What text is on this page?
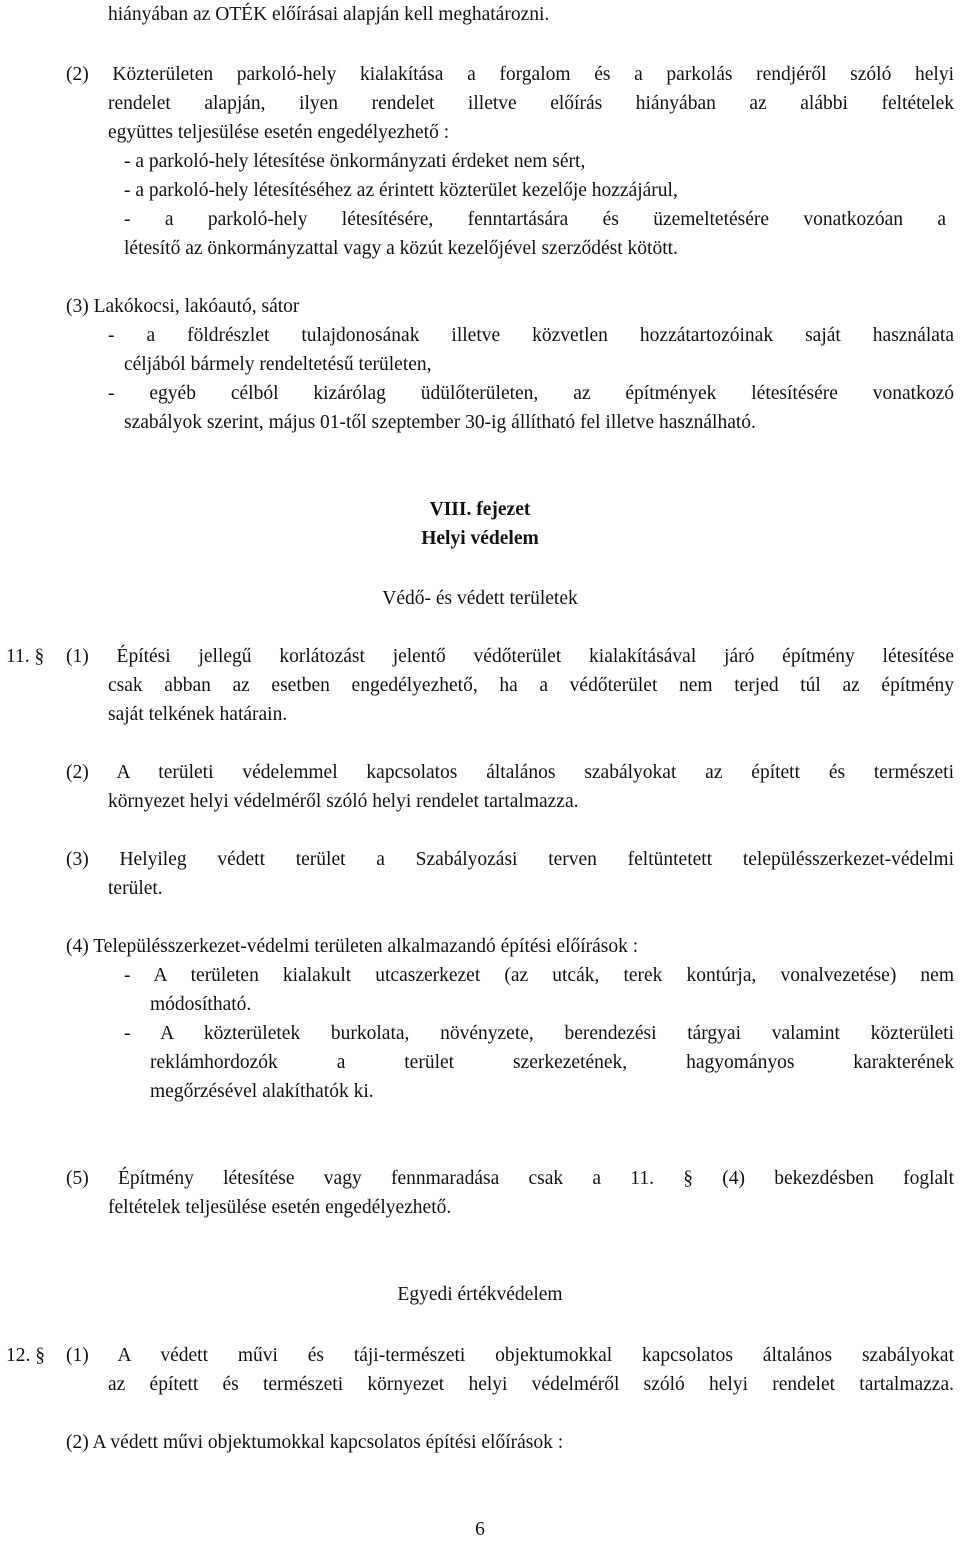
hiányában az OTÉK előírásai alapján kell meghatározni.
(2) Közterületen parkoló-hely kialakítása a forgalom és a parkolás rendjéről szóló helyi
rendelet alapján, ilyen rendelet illetve előírás hiányában az alábbi feltételek
együttes teljesülése esetén engedélyezhető :
- a parkoló-hely létesítése önkormányzati érdeket nem sért,
- a parkoló-hely létesítéséhez az érintett közterület kezelője hozzájárul,
- a parkoló-hely létesítésére, fenntartására és üzemeltetésére vonatkozóan a
létesítő az önkormányzattal vagy a közút kezelőjével szerződést kötött.
(3) Lakókocsi, lakóautó, sátor
- a földrészlet tulajdonosának illetve közvetlen hozzátartozóinak saját használata
céljából bármely rendeltetésű területen,
- egyéb célból kizárólag üdülőterületen, az építmények létesítésére vonatkozó
szabályok szerint, május 01-től szeptember 30-ig állítható fel illetve használható.
VIII. fejezet
Helyi védelem
Védő- és védett területek
11. § (1) Építési jellegű korlátozást jelentő védőterület kialakításával járó építmény létesítése
csak abban az esetben engedélyezhető, ha a védőterület nem terjed túl az építmény
saját telkének határain.
(2) A területi védelemmel kapcsolatos általános szabályokat az épített és természeti
környezet helyi védelméről szóló helyi rendelet tartalmazza.
(3) Helyileg védett terület a Szabályozási terven feltüntetett településszerkezet-védelmi
terület.
(4) Településszerkezet-védelmi területen alkalmazandó építési előírások :
- A területen kialakult utcaszerkezet (az utcák, terek kontúrja, vonalvezetése) nem
módosítható.
- A közterületek burkolata, növényzete, berendezési tárgyai valamint közterületi
reklámhordozók a terület szerkezetének, hagyományos karakterének
megőrzésével alakíthatók ki.
(5) Építmény létesítése vagy fennmaradása csak a 11. § (4) bekezdésben foglalt
feltételek teljesülése esetén engedélyezhető.
Egyedi értékvédelem
12. § (1) A védett művi és táji-természeti objektumokkal kapcsolatos általános szabályokat
az épített és természeti környezet helyi védelméről szóló helyi rendelet tartalmazza.
(2) A védett művi objektumokkal kapcsolatos építési előírások :
6
